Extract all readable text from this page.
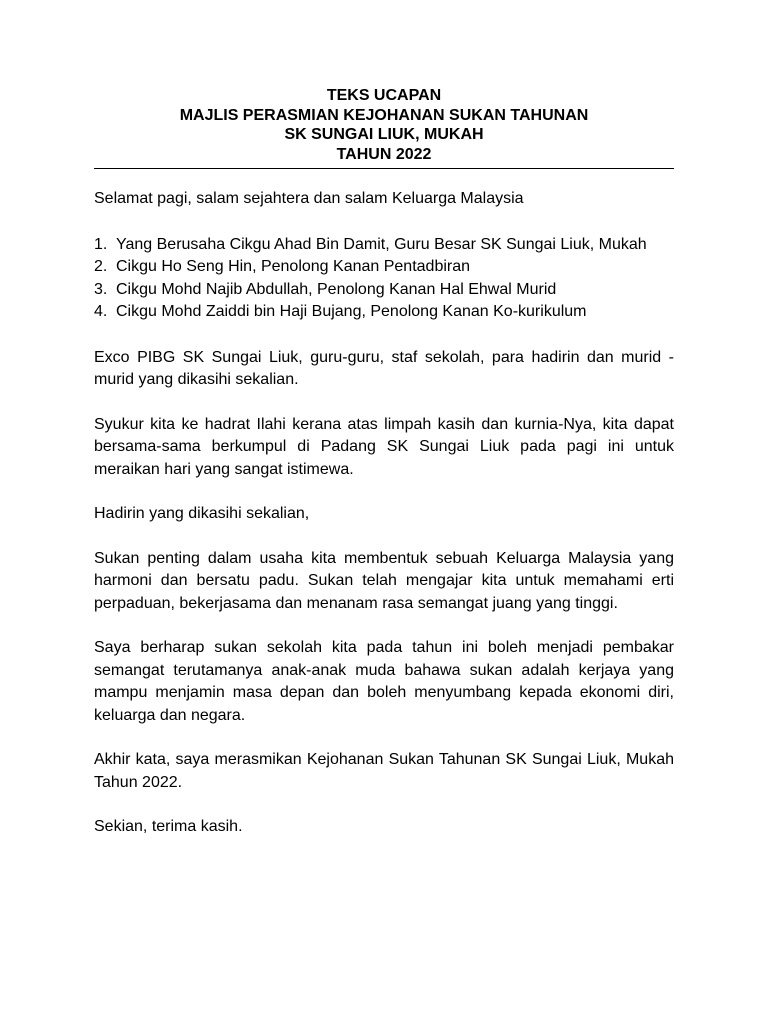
TEKS UCAPAN
MAJLIS PERASMIAN KEJOHANAN SUKAN TAHUNAN
SK SUNGAI LIUK, MUKAH
TAHUN 2022
Selamat pagi, salam sejahtera dan salam Keluarga Malaysia
1. Yang Berusaha Cikgu Ahad Bin Damit, Guru Besar SK Sungai Liuk, Mukah
2. Cikgu Ho Seng Hin, Penolong Kanan Pentadbiran
3. Cikgu Mohd Najib Abdullah, Penolong Kanan Hal Ehwal Murid
4. Cikgu Mohd Zaiddi bin Haji Bujang, Penolong Kanan Ko-kurikulum

Exco PIBG SK Sungai Liuk, guru-guru, staf sekolah, para hadirin dan murid -murid yang dikasihi sekalian.

Syukur kita ke hadrat Ilahi kerana atas limpah kasih dan kurnia-Nya, kita dapat bersama-sama berkumpul di Padang SK Sungai Liuk pada pagi ini untuk meraikan hari yang sangat istimewa.

Hadirin yang dikasihi sekalian,

Sukan penting dalam usaha kita membentuk sebuah Keluarga Malaysia yang harmoni dan bersatu padu. Sukan telah mengajar kita untuk memahami erti perpaduan, bekerjasama dan menanam rasa semangat juang yang tinggi.

Saya berharap sukan sekolah kita pada tahun ini boleh menjadi pembakar semangat terutamanya anak-anak muda bahawa sukan adalah kerjaya yang mampu menjamin masa depan dan boleh menyumbang kepada ekonomi diri, keluarga dan negara.

Akhir kata, saya merasmikan Kejohanan Sukan Tahunan SK Sungai Liuk, Mukah Tahun 2022.

Sekian, terima kasih.
